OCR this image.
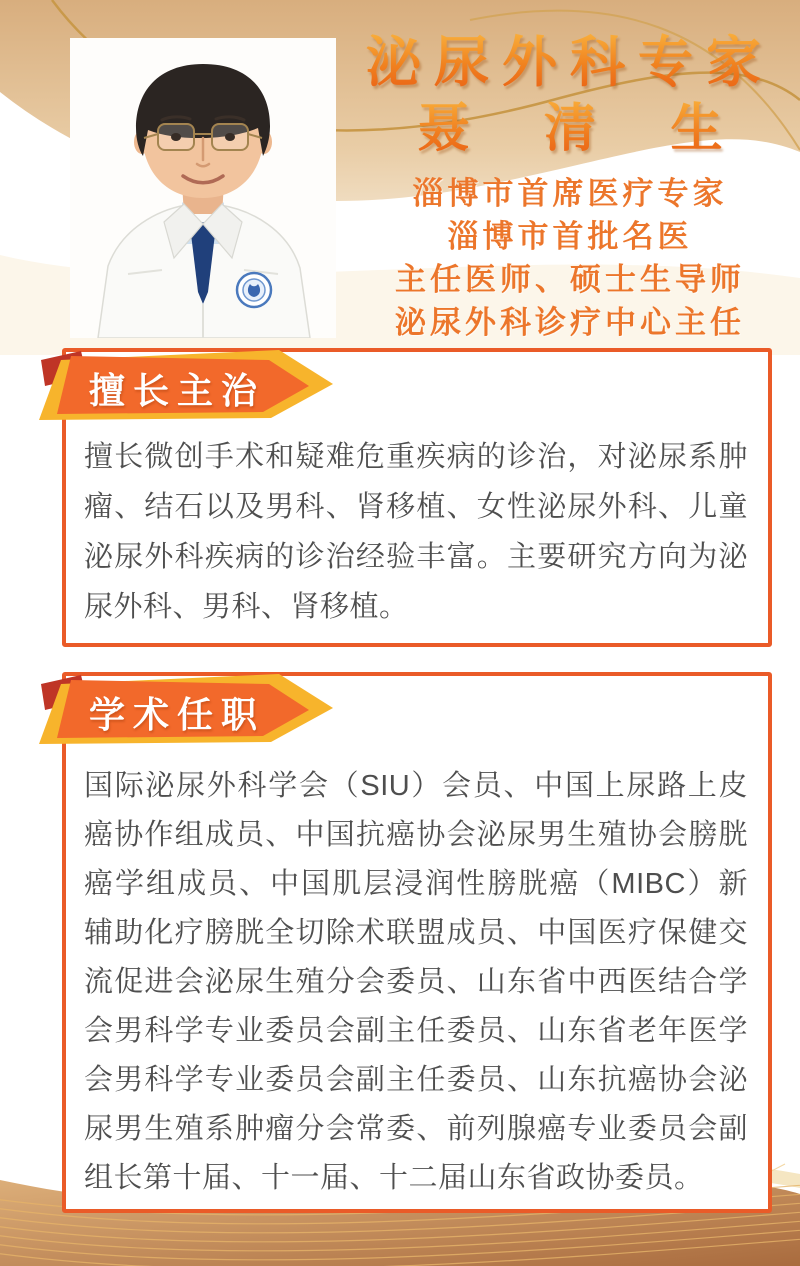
泌尿外科专家
聂 清 生
淄博市首席医疗专家
淄博市首批名医
主任医师、硕士生导师
泌尿外科诊疗中心主任
擅长主治
擅长微创手术和疑难危重疾病的诊治，对泌尿系肿瘤、结石以及男科、肾移植、女性泌尿外科、儿童泌尿外科疾病的诊治经验丰富。主要研究方向为泌尿外科、男科、肾移植。
学术任职
国际泌尿外科学会（SIU）会员、中国上尿路上皮癌协作组成员、中国抗癌协会泌尿男生殖协会膀胱癌学组成员、中国肌层浸润性膀胱癌（MIBC）新辅助化疗膀胱全切除术联盟成员、中国医疗保健交流促进会泌尿生殖分会委员、山东省中西医结合学会男科学专业委员会副主任委员、山东省老年医学会男科学专业委员会副主任委员、山东抗癌协会泌尿男生殖系肿瘤分会常委、前列腺癌专业委员会副组长第十届、十一届、十二届山东省政协委员。
